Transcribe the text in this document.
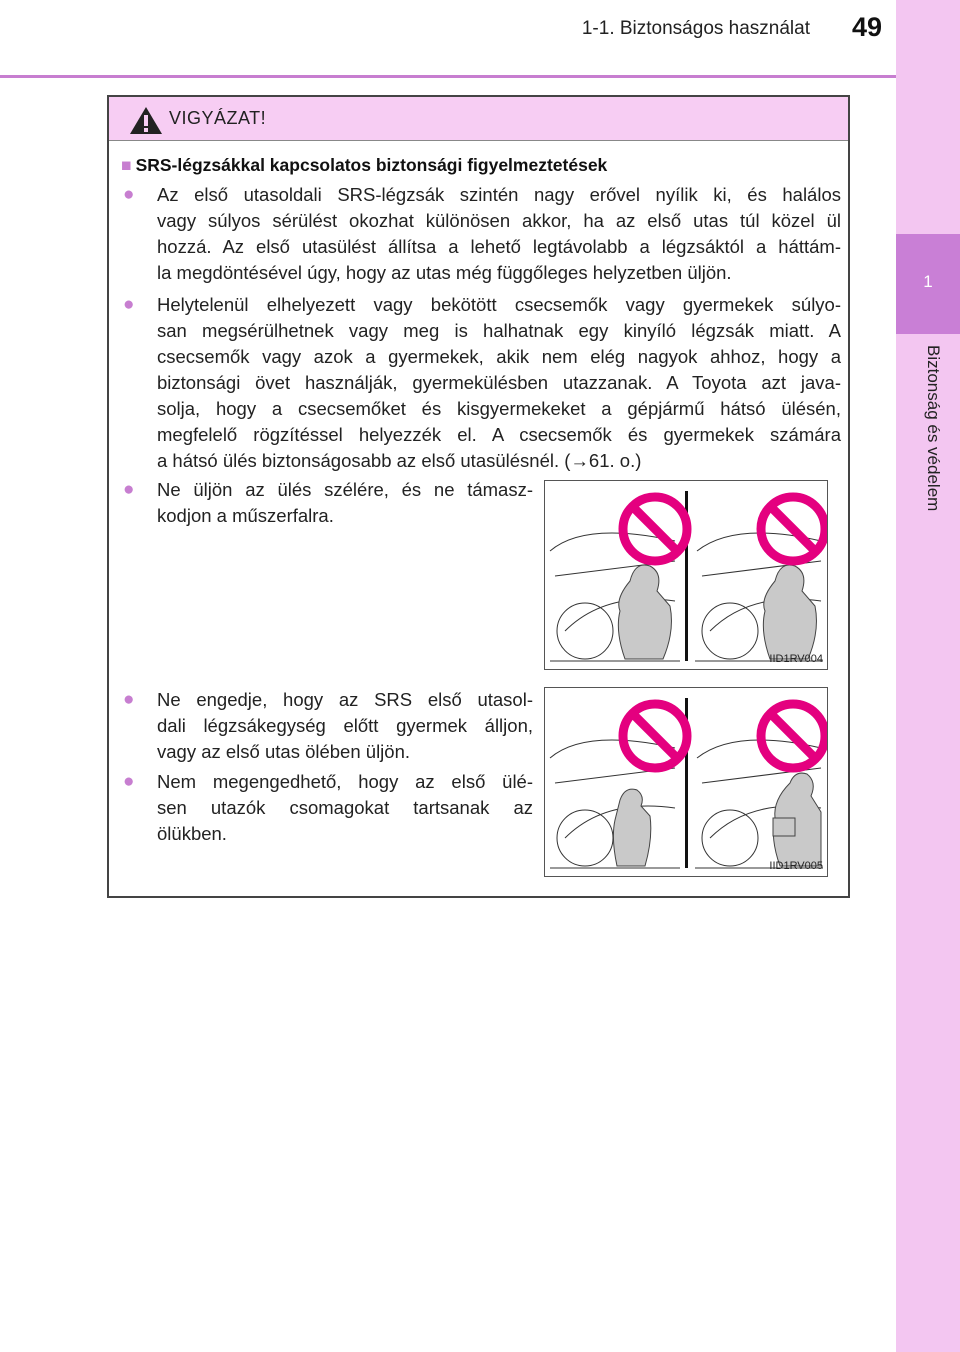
1-1. Biztonságos használat	49
1
Biztonság és védelem
VIGYÁZAT!
■ SRS-légzsákkal kapcsolatos biztonsági figyelmeztetések
● Az első utasoldali SRS-légzsák szintén nagy erővel nyílik ki, és halálos
vagy súlyos sérülést okozhat különösen akkor, ha az első utas túl közel ül
hozzá. Az első utasülést állítsa a lehető legtávolabb a légzsáktól a háttám-
la megdöntésével úgy, hogy az utas még függőleges helyzetben üljön.
● Helytelenül elhelyezett vagy bekötött csecsemők vagy gyermekek súlyo-
san megsérülhetnek vagy meg is halhatnak egy kinyíló légzsák miatt. A
csecsemők vagy azok a gyermekek, akik nem elég nagyok ahhoz, hogy a
biztonsági övet használják, gyermekülésben utazzanak. A Toyota azt java-
solja, hogy a csecsemőket és kisgyermekeket a gépjármű hátsó ülésén,
megfelelő rögzítéssel helyezzék el. A csecsemők és gyermekek számára
a hátsó ülés biztonságosabb az első utasülésnél. (→61. o.)
● Ne üljön az ülés szélére, és ne támasz-
kodjon a műszerfalra.
● Ne engedje, hogy az SRS első utasol-
dali légzsákegység előtt gyermek álljon,
vagy az első utas ölében üljön.
● Nem megengedhető, hogy az első ülé-
sen utazók csomagokat tartsanak az
ölükben.
IID1RV004
IID1RV005
